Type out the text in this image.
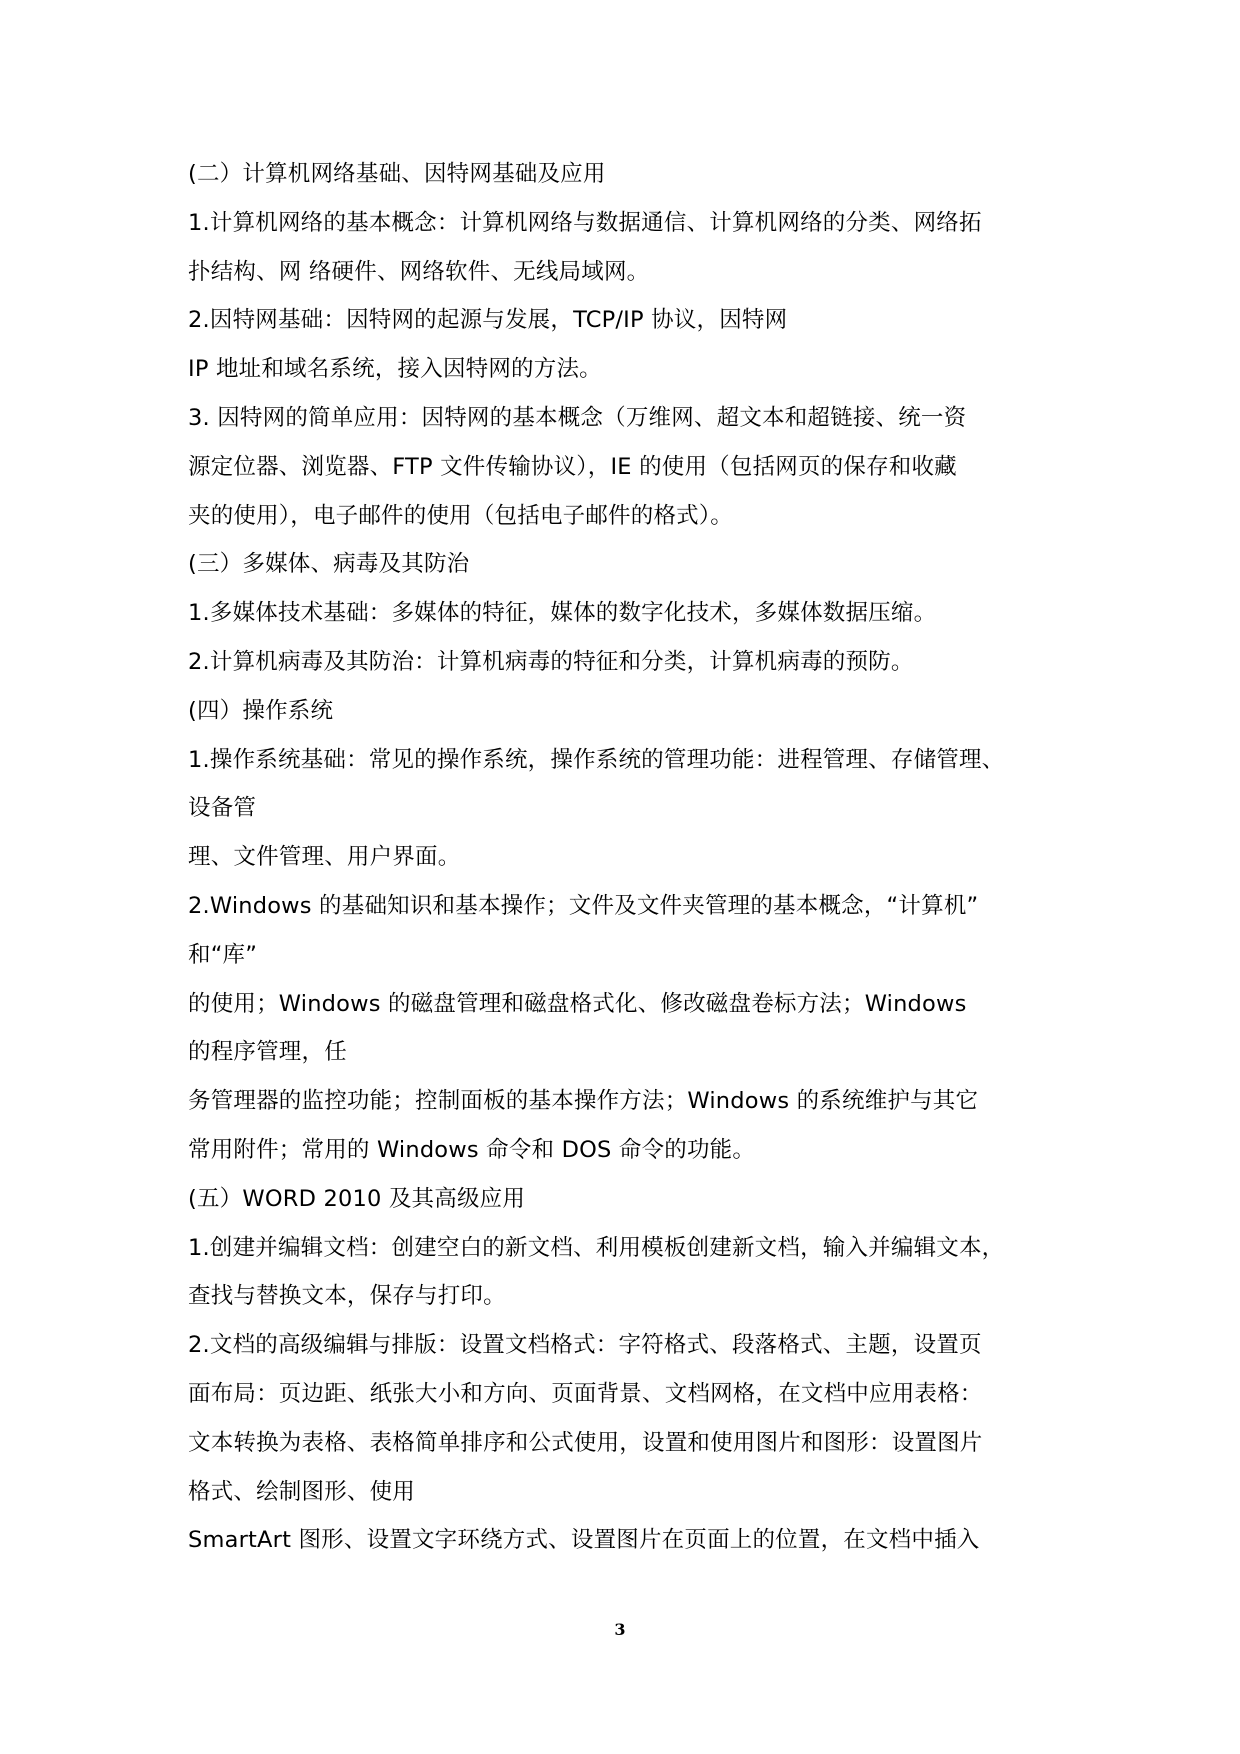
(二）计算机网络基础、因特网基础及应用
1.计算机网络的基本概念：计算机网络与数据通信、计算机网络的分类、网络拓
扑结构、网 络硬件、网络软件、无线局域网。
2.因特网基础：因特网的起源与发展，TCP/IP 协议，因特网
IP 地址和域名系统，接入因特网的方法。
3. 因特网的简单应用：因特网的基本概念（万维网、超文本和超链接、统一资
源定位器、浏览器、FTP 文件传输协议），IE 的使用（包括网页的保存和收藏
夹的使用），电子邮件的使用（包括电子邮件的格式）。
(三）多媒体、病毒及其防治
1.多媒体技术基础：多媒体的特征，媒体的数字化技术，多媒体数据压缩。
2.计算机病毒及其防治：计算机病毒的特征和分类，计算机病毒的预防。
(四）操作系统
1.操作系统基础：常见的操作系统，操作系统的管理功能：进程管理、存储管理、
设备管
理、文件管理、用户界面。
2.Windows 的基础知识和基本操作；文件及文件夹管理的基本概念，“计算机”
和“库”
的使用；Windows 的磁盘管理和磁盘格式化、修改磁盘卷标方法；Windows
的程序管理，任
务管理器的监控功能；控制面板的基本操作方法；Windows 的系统维护与其它
常用附件；常用的 Windows 命令和 DOS 命令的功能。
(五）WORD 2010 及其高级应用
1.创建并编辑文档：创建空白的新文档、利用模板创建新文档，输入并编辑文本，
查找与替换文本，保存与打印。
2.文档的高级编辑与排版：设置文档格式：字符格式、段落格式、主题，设置页
面布局：页边距、纸张大小和方向、页面背景、文档网格，在文档中应用表格：
文本转换为表格、表格简单排序和公式使用，设置和使用图片和图形：设置图片
格式、绘制图形、使用
SmartArt 图形、设置文字环绕方式、设置图片在页面上的位置，在文档中插入
3
